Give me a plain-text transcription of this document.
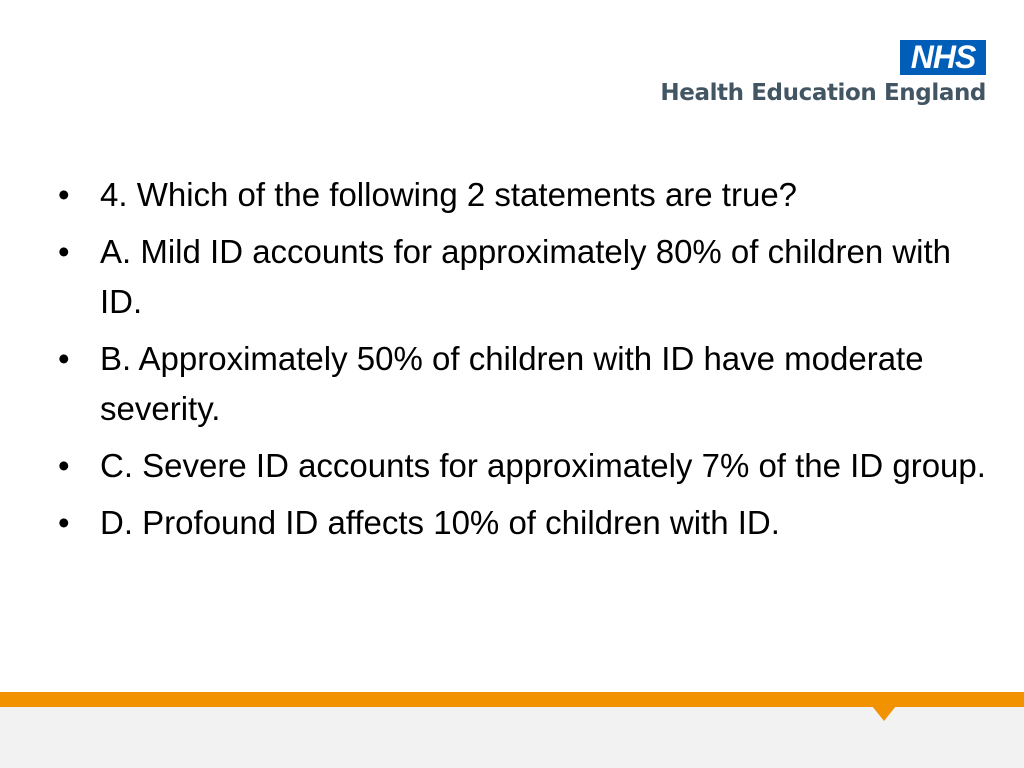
NHS
Health Education England
• 4. Which of the following 2 statements are true?
• A. Mild ID accounts for approximately 80% of children with ID.
• B. Approximately 50% of children with ID have moderate severity.
• C. Severe ID accounts for approximately 7% of the ID group.
• D. Profound ID affects 10% of children with ID.
